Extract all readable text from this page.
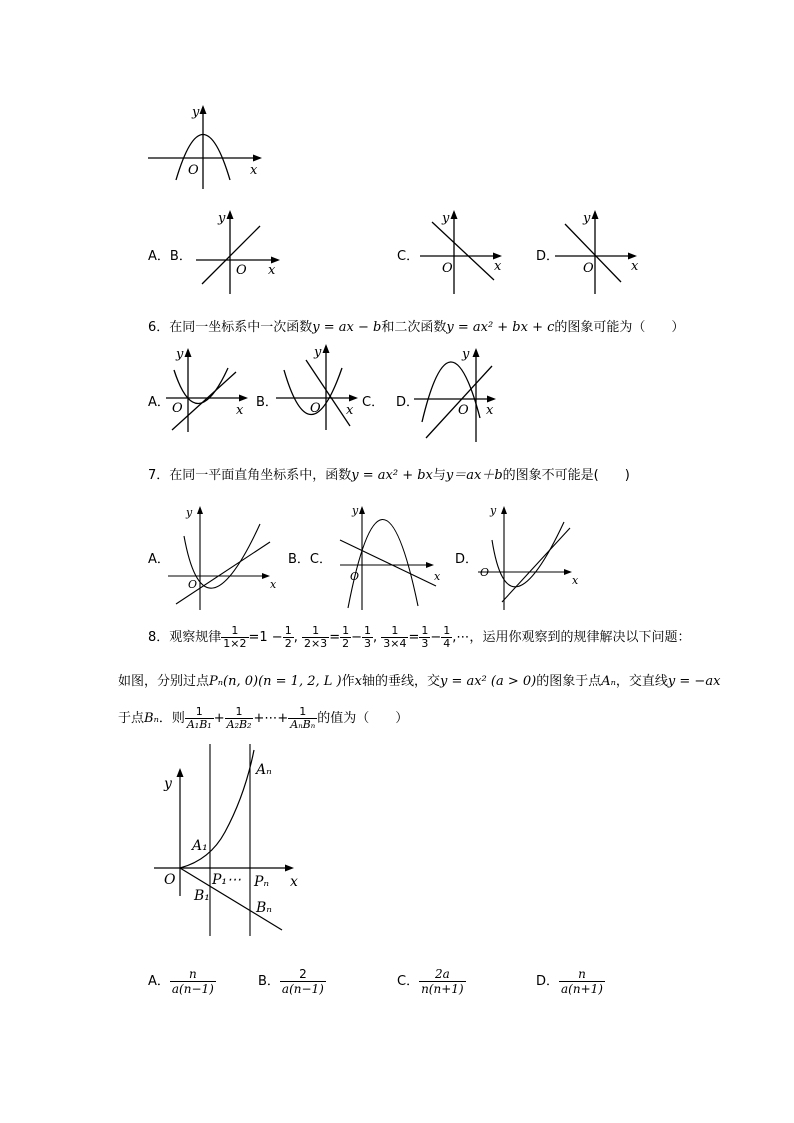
y
O	x
A．B．
y
O x
C．
y
O	x
D．
y
O	x
6．在同一坐标系中一次函数y = ax − b和二次函数y = ax² + bx + c的图象可能为（　　）
A．
y
O	x
B．
y
O x
C． D．
y
O x
7．在同一平面直角坐标系中，函数y = ax² + bx与y＝ax＋b的图象不可能是(　　)
A．
y
O	x
B．C．
y
O	x
D．
y
O
x
8．观察规律 $\frac{1}{1\times 2} =1 - \frac{1}{2}$ , $\frac{1}{2\times 3} = \frac{1}{2} - \frac{1}{3}$ , $\frac{1}{3\times 4} = \frac{1}{3} - \frac{1}{4}$ ,⋯，运用你观察到的规律解决以下问题：
如图，分别过点Pₙ(n, 0)(n = 1, 2, L )作x轴的垂线，交y = ax² (a > 0)的图象于点Aₙ，交直线y = −ax
于点Bₙ．则 $\frac{1}{\text{A₁B₁}} + \frac{1}{\text{A₂B₂}}$ +⋯+ $\frac{1}{\text{AₙBₙ}}$ 的值为（　　）
y
O	x
A₁
Aₙ
B₁
Bₙ
P₁⋯ Pₙ
A． $\frac{n}{a(n-1)}$	B． $\frac{2}{a(n-1)}$	C． $\frac{2a}{n(n+1)}$	D． $\frac{n}{a(n+1)}$
